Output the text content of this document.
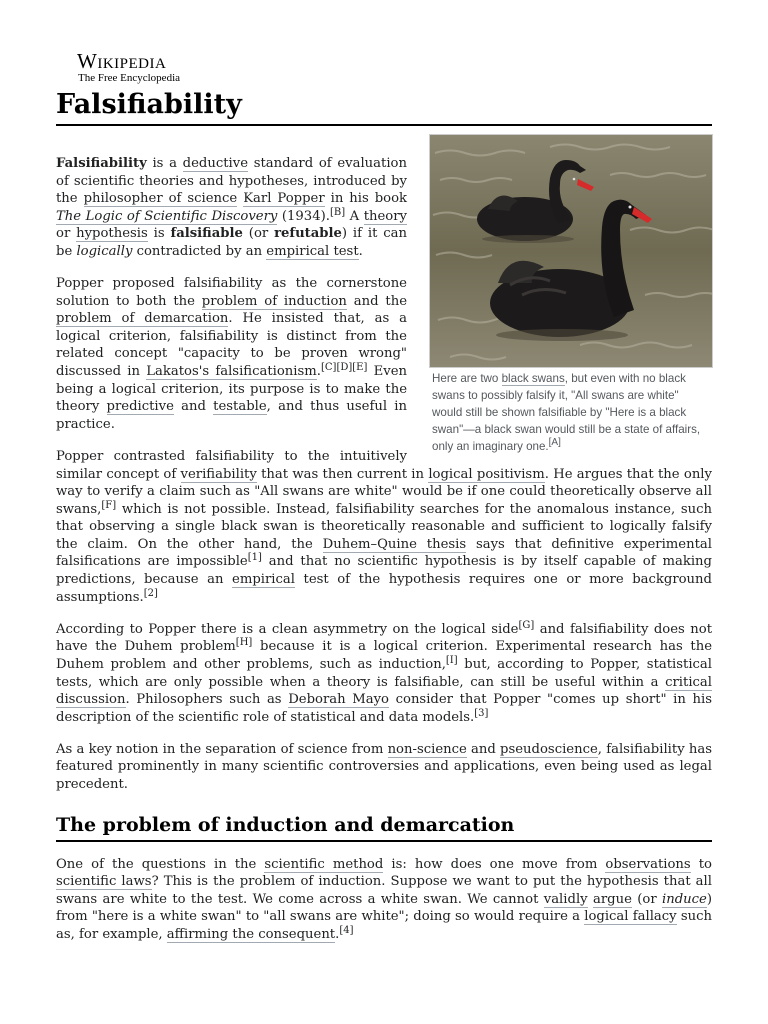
Wikipedia
The Free Encyclopedia
Falsifiability
Here are two black swans, but even with no black swans to possibly falsify it, "All swans are white" would still be shown falsifiable by "Here is a black swan"—a black swan would still be a state of affairs, only an imaginary one.[A]

Falsifiability is a deductive standard of evaluation of scientific theories and hypotheses, introduced by the philosopher of science Karl Popper in his book The Logic of Scientific Discovery (1934).[B] A theory or hypothesis is falsifiable (or refutable) if it can be logically contradicted by an empirical test.

Popper proposed falsifiability as the cornerstone solution to both the problem of induction and the problem of demarcation. He insisted that, as a logical criterion, falsifiability is distinct from the related concept "capacity to be proven wrong" discussed in Lakatos's falsificationism.[C][D][E] Even being a logical criterion, its purpose is to make the theory predictive and testable, and thus useful in practice.

Popper contrasted falsifiability to the intuitively similar concept of verifiability that was then current in logical positivism. He argues that the only way to verify a claim such as "All swans are white" would be if one could theoretically observe all swans,[F] which is not possible. Instead, falsifiability searches for the anomalous instance, such that observing a single black swan is theoretically reasonable and sufficient to logically falsify the claim. On the other hand, the Duhem–Quine thesis says that definitive experimental falsifications are impossible[1] and that no scientific hypothesis is by itself capable of making predictions, because an empirical test of the hypothesis requires one or more background assumptions.[2]

According to Popper there is a clean asymmetry on the logical side[G] and falsifiability does not have the Duhem problem[H] because it is a logical criterion. Experimental research has the Duhem problem and other problems, such as induction,[I] but, according to Popper, statistical tests, which are only possible when a theory is falsifiable, can still be useful within a critical discussion. Philosophers such as Deborah Mayo consider that Popper "comes up short" in his description of the scientific role of statistical and data models.[3]

As a key notion in the separation of science from non-science and pseudoscience, falsifiability has featured prominently in many scientific controversies and applications, even being used as legal precedent.

The problem of induction and demarcation

One of the questions in the scientific method is: how does one move from observations to scientific laws? This is the problem of induction. Suppose we want to put the hypothesis that all swans are white to the test. We come across a white swan. We cannot validly argue (or induce) from "here is a white swan" to "all swans are white"; doing so would require a logical fallacy such as, for example, affirming the consequent.[4]
